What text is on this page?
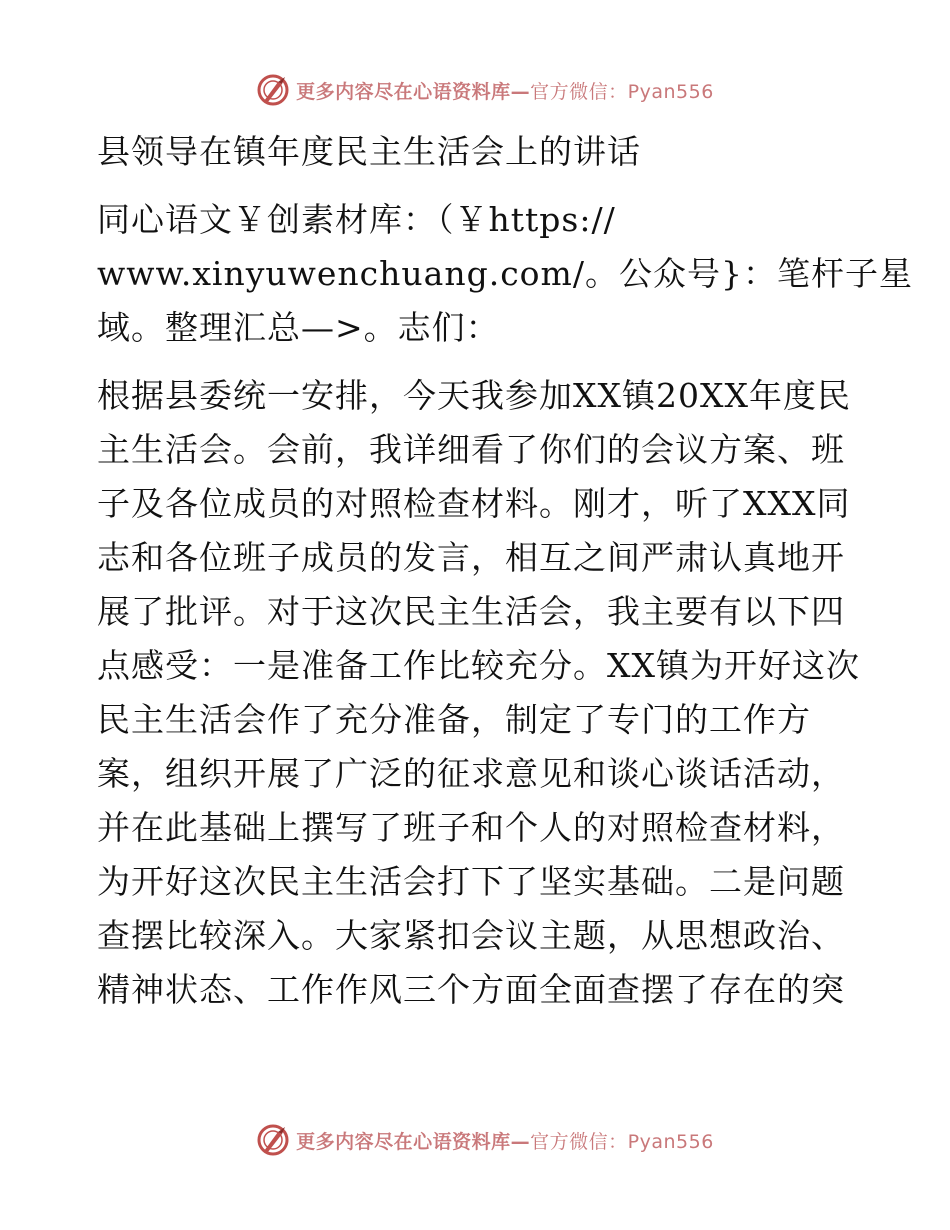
更多内容尽在心语资料库—官方微信：Pyan556
县领导在镇年度民主生活会上的讲话
同心语文￥创素材库：（￥https://
www.xinyuwenchuang.com/。公众号}：笔杆子星
域。整理汇总—>。志们：
根据县委统一安排，今天我参加XX镇20XX年度民
主生活会。会前，我详细看了你们的会议方案、班
子及各位成员的对照检查材料。刚才，听了XXX同
志和各位班子成员的发言，相互之间严肃认真地开
展了批评。对于这次民主生活会，我主要有以下四
点感受：一是准备工作比较充分。XX镇为开好这次
民主生活会作了充分准备，制定了专门的工作方
案，组织开展了广泛的征求意见和谈心谈话活动，
并在此基础上撰写了班子和个人的对照检查材料，
为开好这次民主生活会打下了坚实基础。二是问题
查摆比较深入。大家紧扣会议主题，从思想政治、
精神状态、工作作风三个方面全面查摆了存在的突
更多内容尽在心语资料库—官方微信：Pyan556
